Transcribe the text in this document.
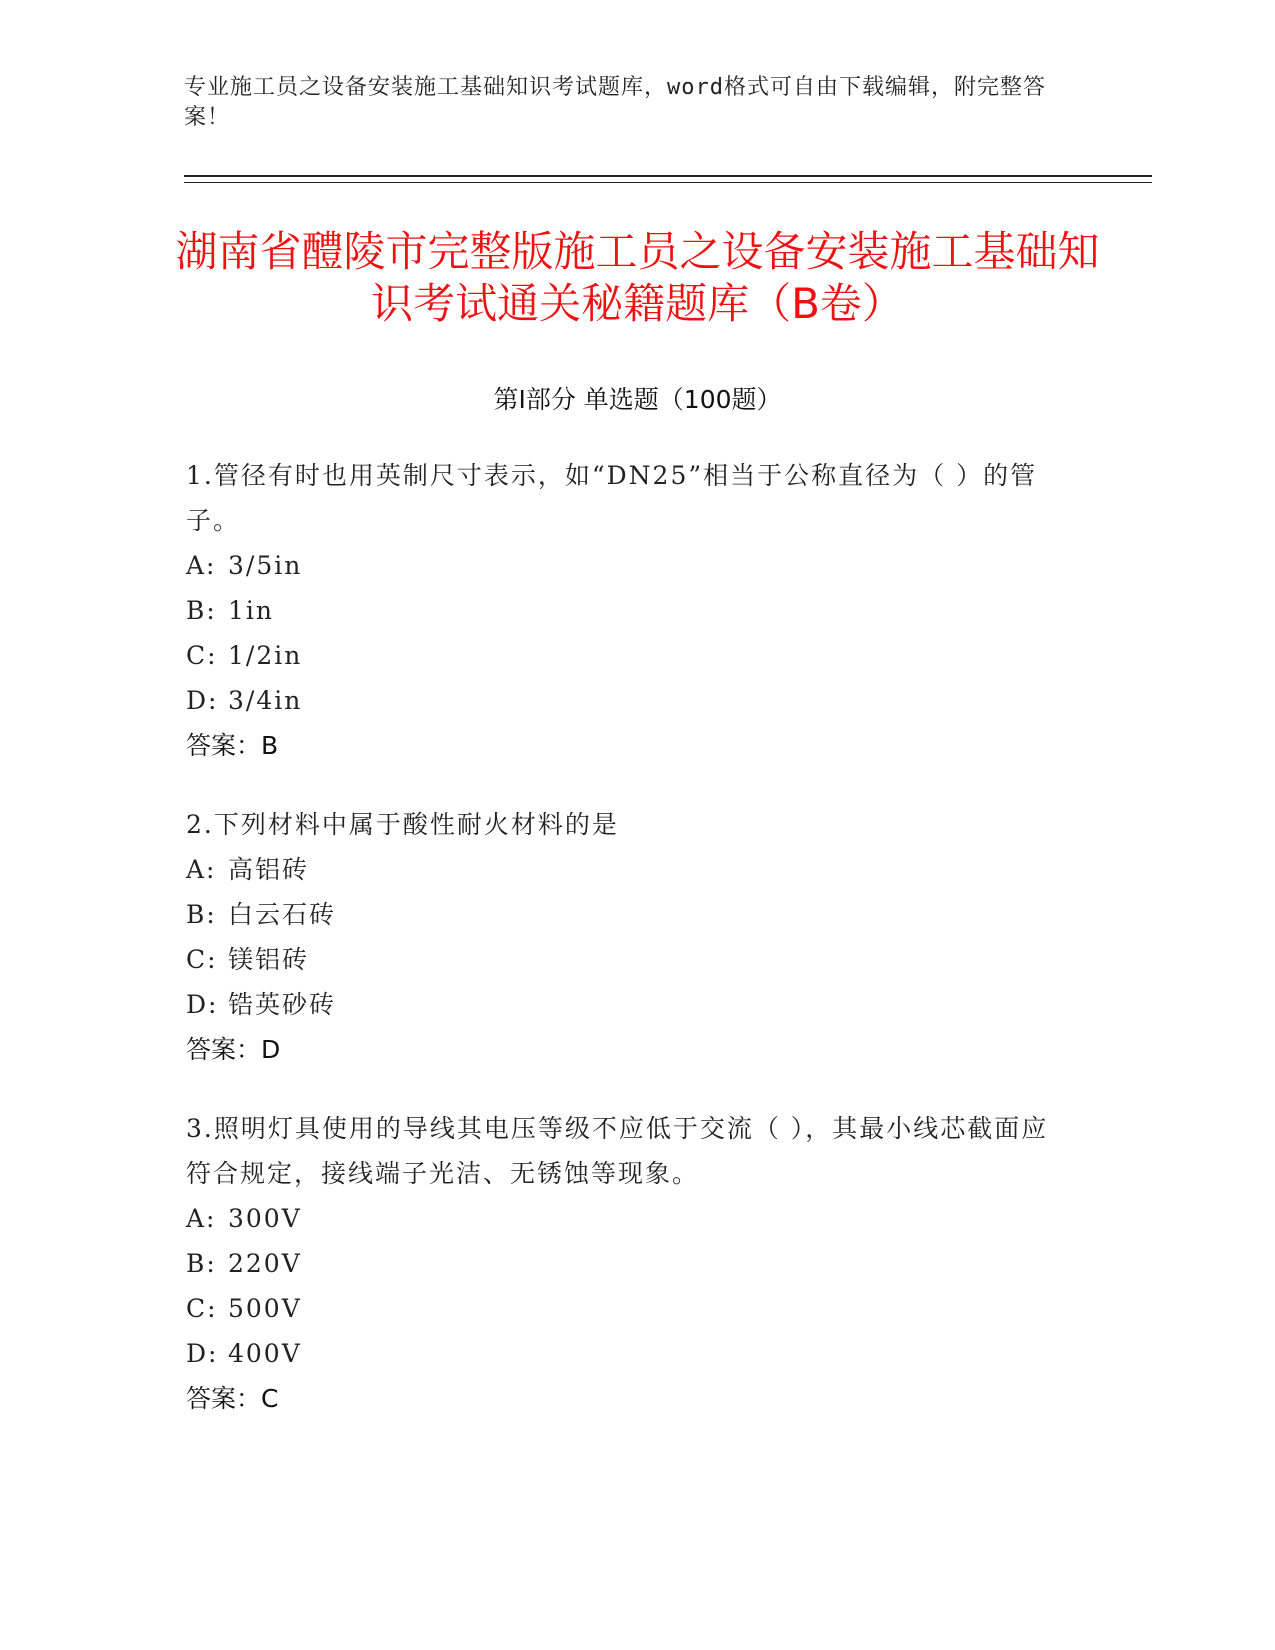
专业施工员之设备安装施工基础知识考试题库，word格式可自由下载编辑，附完整答案！
湖南省醴陵市完整版施工员之设备安装施工基础知识考试通关秘籍题库（B卷）
第Ⅰ部分 单选题（100题）

1.管径有时也用英制尺寸表示，如“DN25”相当于公称直径为（ ）的管子。

A: 3/5in

B: 1in

C: 1/2in

D: 3/4in

答案：B

2.下列材料中属于酸性耐火材料的是

A: 高铝砖

B: 白云石砖

C: 镁铝砖

D: 锆英砂砖

答案：D

3.照明灯具使用的导线其电压等级不应低于交流（ ），其最小线芯截面应符合规定，接线端子光洁、无锈蚀等现象。

A: 300V

B: 220V

C: 500V

D: 400V

答案：C
